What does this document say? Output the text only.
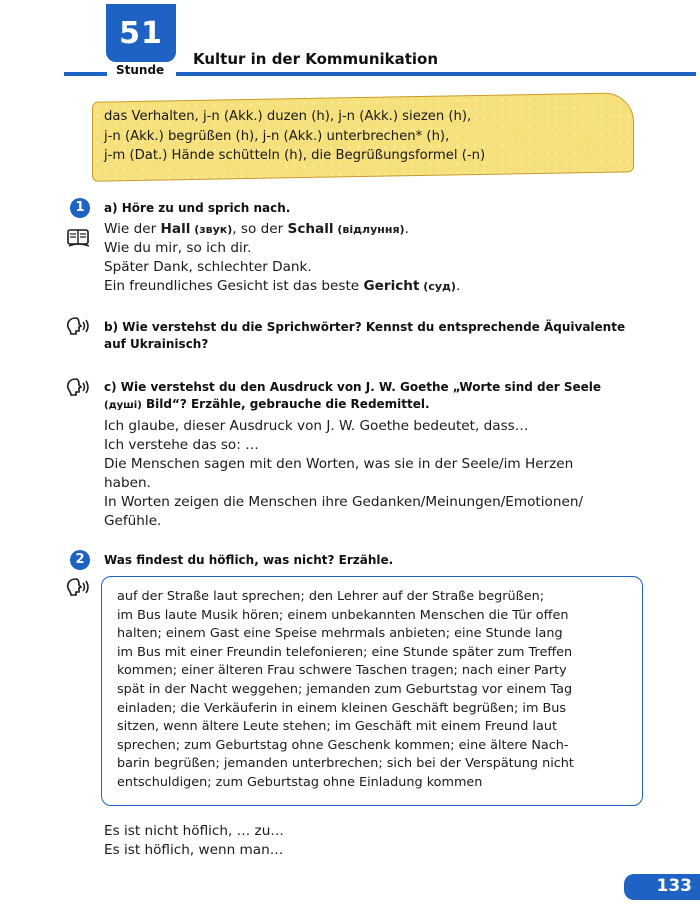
51
Stunde
Kultur in der Kommunikation
das Verhalten, j-n (Akk.) duzen (h), j-n (Akk.) siezen (h),
j-n (Akk.) begrüßen (h), j-n (Akk.) unterbrechen* (h),
j-m (Dat.) Hände schütteln (h), die Begrüßungsformel (-n)
1	a) Höre zu und sprich nach.
Wie der Hall (звук), so der Schall (відлуння).
Wie du mir, so ich dir.
Später Dank, schlechter Dank.
Ein freundliches Gesicht ist das beste Gericht (суд).
b) Wie verstehst du die Sprichwörter? Kennst du entsprechende Äquivalente
auf Ukrainisch?
c) Wie verstehst du den Ausdruck von J. W. Goethe „Worte sind der Seele
(душі) Bild“? Erzähle, gebrauche die Redemittel.
Ich glaube, dieser Ausdruck von J. W. Goethe bedeutet, dass…
Ich verstehe das so: …
Die Menschen sagen mit den Worten, was sie in der Seele/im Herzen
haben.
In Worten zeigen die Menschen ihre Gedanken/Meinungen/Emotionen/
Gefühle.
2	Was findest du höflich, was nicht? Erzähle.
auf der Straße laut sprechen; den Lehrer auf der Straße begrüßen;
im Bus laute Musik hören; einem unbekannten Menschen die Tür offen
halten; einem Gast eine Speise mehrmals anbieten; eine Stunde lang
im Bus mit einer Freundin telefonieren; eine Stunde später zum Treffen
kommen; einer älteren Frau schwere Taschen tragen; nach einer Party
spät in der Nacht weggehen; jemanden zum Geburtstag vor einem Tag
einladen; die Verkäuferin in einem kleinen Geschäft begrüßen; im Bus
sitzen, wenn ältere Leute stehen; im Geschäft mit einem Freund laut
sprechen; zum Geburtstag ohne Geschenk kommen; eine ältere Nach-
barin begrüßen; jemanden unterbrechen; sich bei der Verspätung nicht
entschuldigen; zum Geburtstag ohne Einladung kommen
Es ist nicht höflich, … zu…
Es ist höflich, wenn man…
133
